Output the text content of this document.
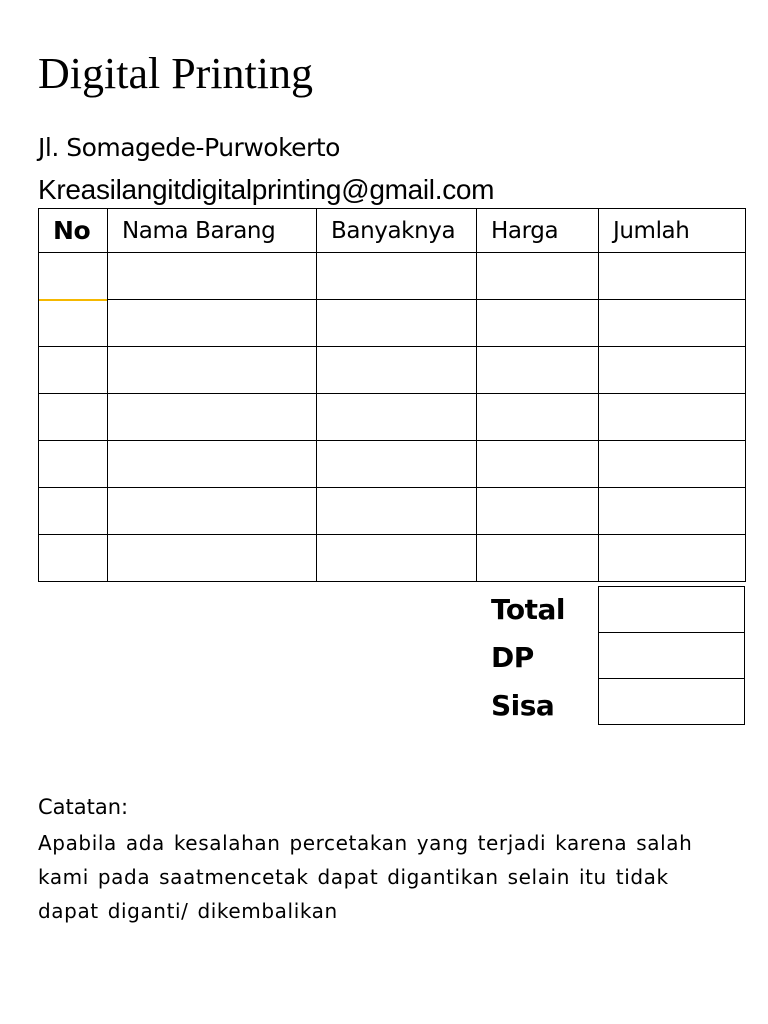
Digital Printing
Jl. Somagede-Purwokerto
Kreasilangitdigitalprinting@gmail.com
No	Nama Barang	Banyaknya	Harga	Jumlah

Total
DP
Sisa

Catatan:
Apabila ada kesalahan percetakan yang terjadi karena salah kami pada saatmencetak dapat digantikan selain itu tidak dapat diganti/ dikembalikan
